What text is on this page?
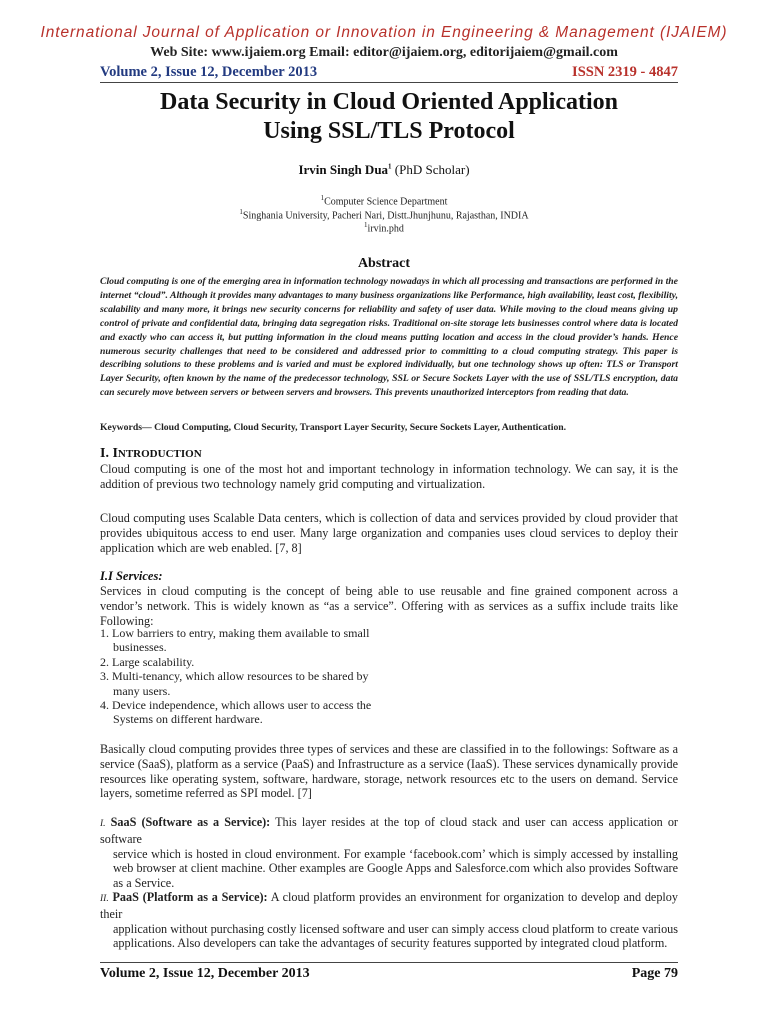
International Journal of Application or Innovation in Engineering & Management (IJAIEM)
Web Site: www.ijaiem.org Email: editor@ijaiem.org, editorijaiem@gmail.com
Volume 2, Issue 12, December 2013	ISSN 2319 - 4847
Data Security in Cloud Oriented Application
Using SSL/TLS Protocol
Irvin Singh Dua$^1$ (PhD Scholar)
$^1$Computer Science Department
$^1$Singhania University, Pacheri Nari, Distt.Jhunjhunu, Rajasthan, INDIA
$^1$irvin.phd
Abstract
Cloud computing is one of the emerging area in information technology nowadays in which all processing and transactions are performed in the internet “cloud”. Although it provides many advantages to many business organizations like Performance, high availability, least cost, flexibility, scalability and many more, it brings new security concerns for reliability and safety of user data. While moving to the cloud means giving up control of private and confidential data, bringing data segregation risks. Traditional on-site storage lets businesses control where data is located and exactly who can access it, but putting information in the cloud means putting location and access in the cloud provider’s hands. Hence numerous security challenges that need to be considered and addressed prior to committing to a cloud computing strategy. This paper is describing solutions to these problems and is varied and must be explored individually, but one technology shows up often: TLS or Transport Layer Security, often known by the name of the predecessor technology, SSL or Secure Sockets Layer with the use of SSL/TLS encryption, data can securely move between servers or between servers and browsers. This prevents unauthorized interceptors from reading that data.
Keywords— Cloud Computing, Cloud Security, Transport Layer Security, Secure Sockets Layer, Authentication.
I. INTRODUCTION
Cloud computing is one of the most hot and important technology in information technology. We can say, it is the addition of previous two technology namely grid computing and virtualization.
Cloud computing uses Scalable Data centers, which is collection of data and services provided by cloud provider that provides ubiquitous access to end user. Many large organization and companies uses cloud services to deploy their application which are web enabled. [7, 8]
I.I Services:
Services in cloud computing is the concept of being able to use reusable and fine grained component across a vendor’s network. This is widely known as “as a service”. Offering with as services as a suffix include traits like Following:
1. Low barriers to entry, making them available to small
businesses.
2. Large scalability.
3. Multi-tenancy, which allow resources to be shared by
many users.
4. Device independence, which allows user to access the
Systems on different hardware.
Basically cloud computing provides three types of services and these are classified in to the followings: Software as a service (SaaS), platform as a service (PaaS) and Infrastructure as a service (IaaS). These services dynamically provide resources like operating system, software, hardware, storage, network resources etc to the users on demand. Service layers, sometime referred as SPI model. [7]
I. SaaS (Software as a Service): This layer resides at the top of cloud stack and user can access application or software
service which is hosted in cloud environment. For example ‘facebook.com’ which is simply accessed by installing web browser at client machine. Other examples are Google Apps and Salesforce.com which also provides Software as a Service.
II. PaaS (Platform as a Service): A cloud platform provides an environment for organization to develop and deploy their
application without purchasing costly licensed software and user can simply access cloud platform to create various applications. Also developers can take the advantages of security features supported by integrated cloud platform.
Volume 2, Issue 12, December 2013	Page 79
